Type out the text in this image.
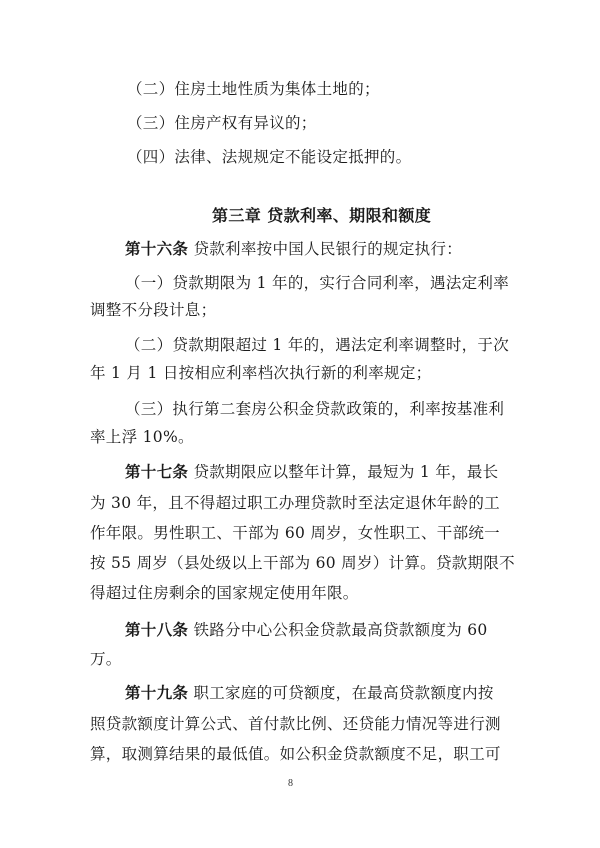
（二）住房土地性质为集体土地的；
（三）住房产权有异议的；
（四）法律、法规规定不能设定抵押的。
第三章 贷款利率、期限和额度
第十六条 贷款利率按中国人民银行的规定执行：
（一）贷款期限为 1 年的，实行合同利率，遇法定利率
调整不分段计息；
（二）贷款期限超过 1 年的，遇法定利率调整时，于次
年 1 月 1 日按相应利率档次执行新的利率规定；
（三）执行第二套房公积金贷款政策的，利率按基准利
率上浮 10%。
第十七条 贷款期限应以整年计算，最短为 1 年，最长
为 30 年，且不得超过职工办理贷款时至法定退休年龄的工
作年限。男性职工、干部为 60 周岁，女性职工、干部统一
按 55 周岁（县处级以上干部为 60 周岁）计算。贷款期限不
得超过住房剩余的国家规定使用年限。
第十八条 铁路分中心公积金贷款最高贷款额度为 60
万。
第十九条 职工家庭的可贷额度，在最高贷款额度内按
照贷款额度计算公式、首付款比例、还贷能力情况等进行测
算，取测算结果的最低值。如公积金贷款额度不足，职工可
8
